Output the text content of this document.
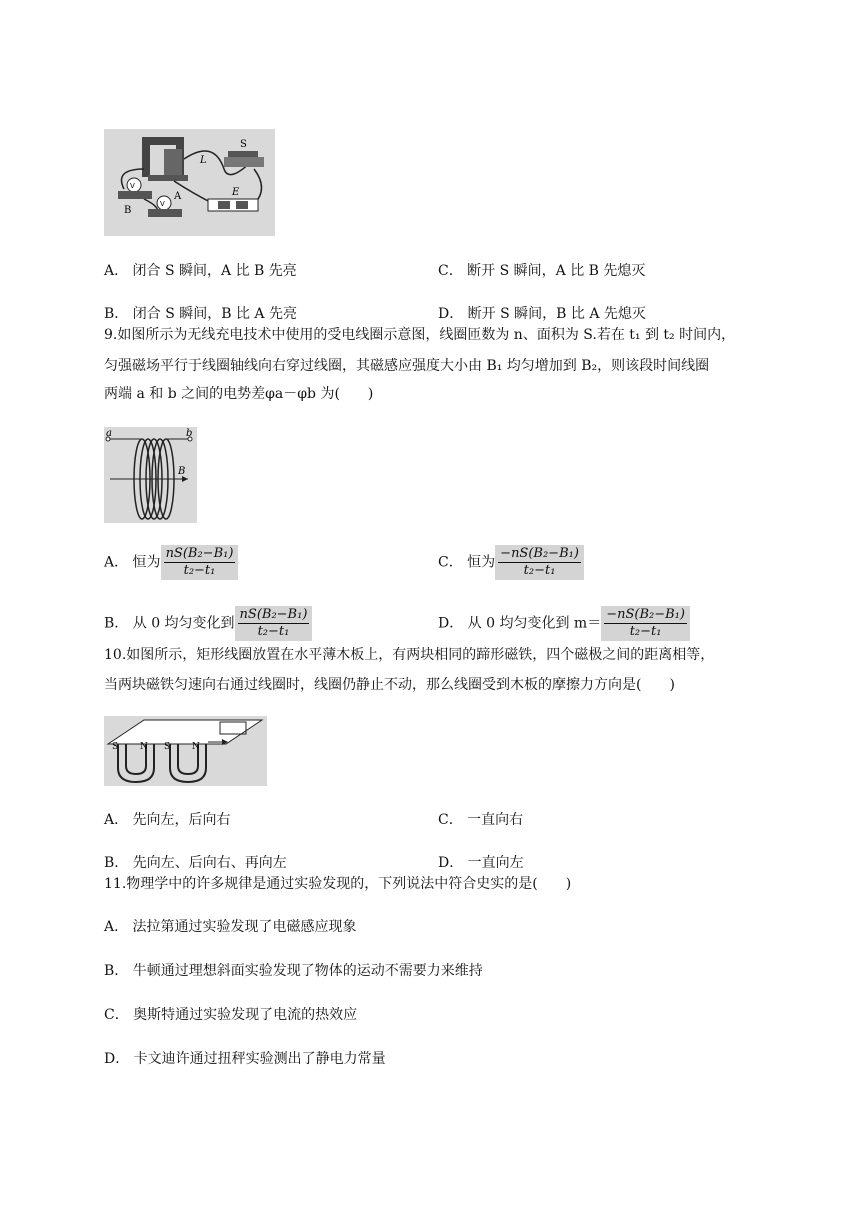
L
S
E
A
B
V
V
A． 闭合 S 瞬间，A 比 B 先亮	C． 断开 S 瞬间，A 比 B 先熄灭
B． 闭合 S 瞬间，B 比 A 先亮	D． 断开 S 瞬间，B 比 A 先熄灭
9.如图所示为无线充电技术中使用的受电线圈示意图，线圈匝数为 n、面积为 S.若在 t₁ 到 t₂ 时间内，
匀强磁场平行于线圈轴线向右穿过线圈，其磁感应强度大小由 B₁ 均匀增加到 B₂，则该段时间线圈
两端 a 和 b 之间的电势差φa－φb 为(　　)
a	b
B
A． 恒为 $\frac{\text{nS(B₂−B₁)}}{\text{t₂−t₁}}$	C． 恒为 $\frac{\text{−nS(B₂−B₁)}}{\text{t₂−t₁}}$
B． 从 0 均匀变化到 $\frac{\text{nS(B₂−B₁)}}{\text{t₂−t₁}}$	D． 从 0 均匀变化到 $m= \frac{\text{−nS(B₂−B₁)}}{\text{t₂−t₁}}$
10.如图所示，矩形线圈放置在水平薄木板上，有两块相同的蹄形磁铁，四个磁极之间的距离相等，
当两块磁铁匀速向右通过线圈时，线圈仍静止不动，那么线圈受到木板的摩擦力方向是(　　)
S N S N
A． 先向左，后向右	C． 一直向右
B． 先向左、后向右、再向左	D． 一直向左
11.物理学中的许多规律是通过实验发现的，下列说法中符合史实的是(　　)
A． 法拉第通过实验发现了电磁感应现象
B． 牛顿通过理想斜面实验发现了物体的运动不需要力来维持
C． 奥斯特通过实验发现了电流的热效应
D． 卡文迪许通过扭秤实验测出了静电力常量
